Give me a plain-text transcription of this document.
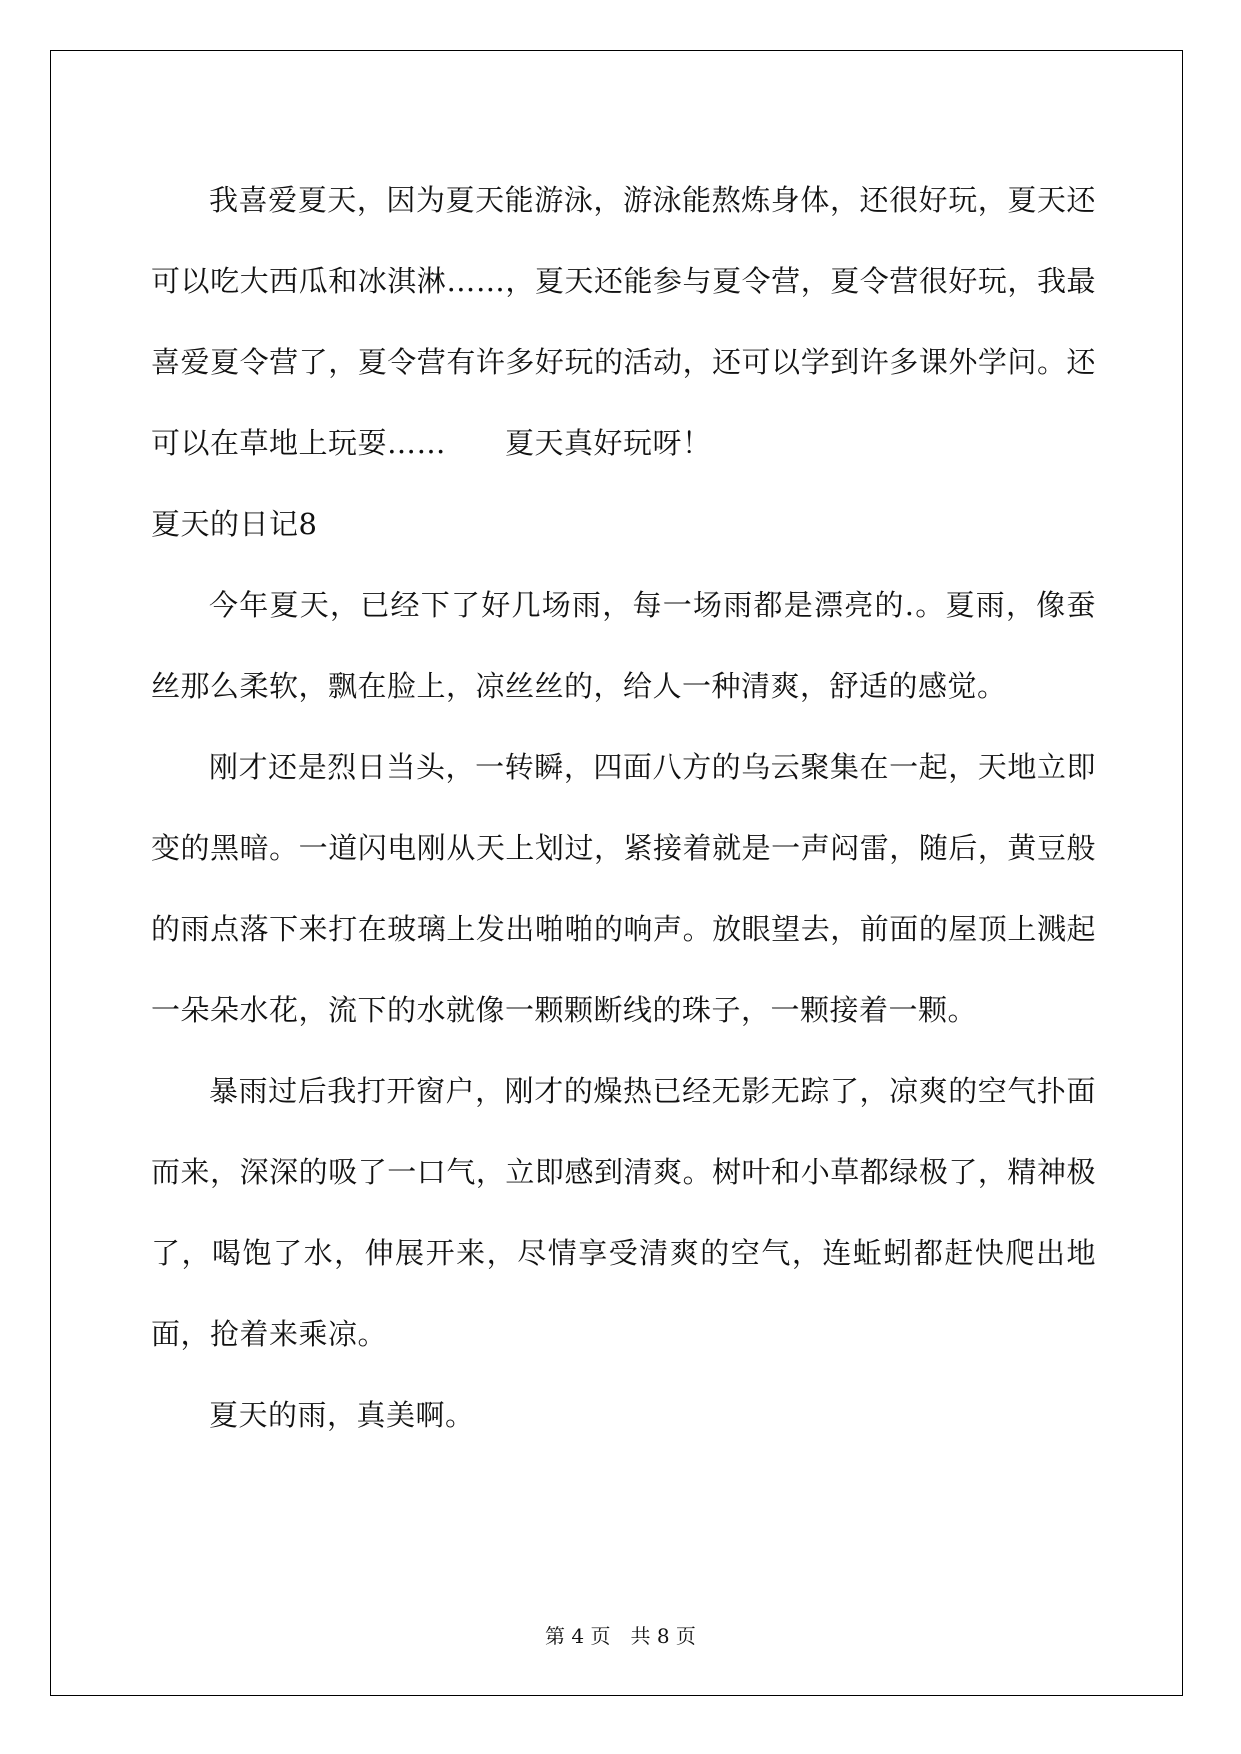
我喜爱夏天，因为夏天能游泳，游泳能熬炼身体，还很好玩，夏天还可以吃大西瓜和冰淇淋……，夏天还能参与夏令营，夏令营很好玩，我最喜爱夏令营了，夏令营有许多好玩的活动，还可以学到许多课外学问。还可以在草地上玩耍……　　夏天真好玩呀！

夏天的日记8

今年夏天，已经下了好几场雨，每一场雨都是漂亮的.。夏雨，像蚕丝那么柔软，飘在脸上，凉丝丝的，给人一种清爽，舒适的感觉。

刚才还是烈日当头，一转瞬，四面八方的乌云聚集在一起，天地立即变的黑暗。一道闪电刚从天上划过，紧接着就是一声闷雷，随后，黄豆般的雨点落下来打在玻璃上发出啪啪的响声。放眼望去，前面的屋顶上溅起一朵朵水花，流下的水就像一颗颗断线的珠子，一颗接着一颗。

暴雨过后我打开窗户，刚才的燥热已经无影无踪了，凉爽的空气扑面而来，深深的吸了一口气，立即感到清爽。树叶和小草都绿极了，精神极了，喝饱了水，伸展开来，尽情享受清爽的空气，连蚯蚓都赶快爬出地面，抢着来乘凉。

夏天的雨，真美啊。

第 4 页　共 8 页
